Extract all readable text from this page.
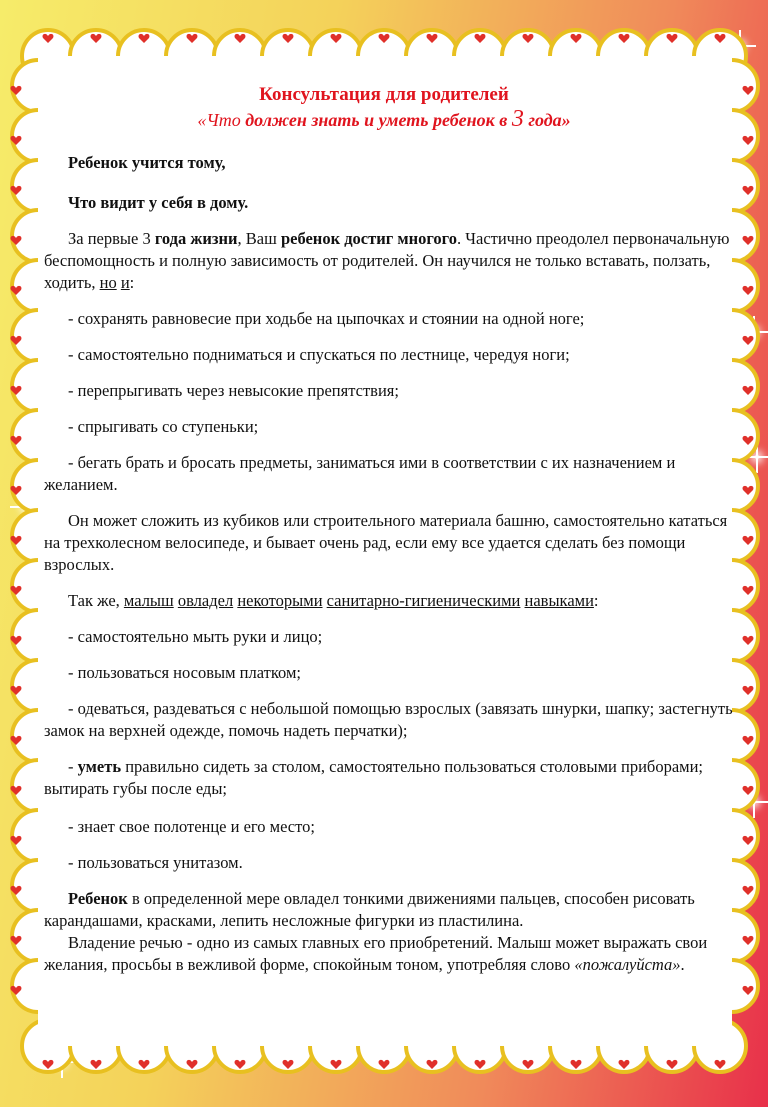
Консультация для родителей
«Что должен знать и уметь ребенок в 3 года»

Ребенок учится тому,

Что видит у себя в дому.

За первые 3 года жизни, Ваш ребенок достиг многого. Частично преодолел первоначальную беспомощность и полную зависимость от родителей. Он научился не только вставать, ползать, ходить, но и:

- сохранять равновесие при ходьбе на цыпочках и стоянии на одной ноге;

- самостоятельно подниматься и спускаться по лестнице, чередуя ноги;

- перепрыгивать через невысокие препятствия;

- спрыгивать со ступеньки;

- бегать брать и бросать предметы, заниматься ими в соответствии с их назначением и желанием.

Он может сложить из кубиков или строительного материала башню, самостоятельно кататься на трехколесном велосипеде, и бывает очень рад, если ему все удается сделать без помощи взрослых.

Так же, малыш овладел некоторыми санитарно-гигиеническими навыками:

- самостоятельно мыть руки и лицо;

- пользоваться носовым платком;

- одеваться, раздеваться с небольшой помощью взрослых (завязать шнурки, шапку; застегнуть замок на верхней одежде, помочь надеть перчатки);

- уметь правильно сидеть за столом, самостоятельно пользоваться столовыми приборами; вытирать губы после еды;

- знает свое полотенце и его место;

- пользоваться унитазом.

Ребенок в определенной мере овладел тонкими движениями пальцев, способен рисовать карандашами, красками, лепить несложные фигурки из пластилина.

Владение речью - одно из самых главных его приобретений. Малыш может выражать свои желания, просьбы в вежливой форме, спокойным тоном, употребляя слово «пожалуйста».
